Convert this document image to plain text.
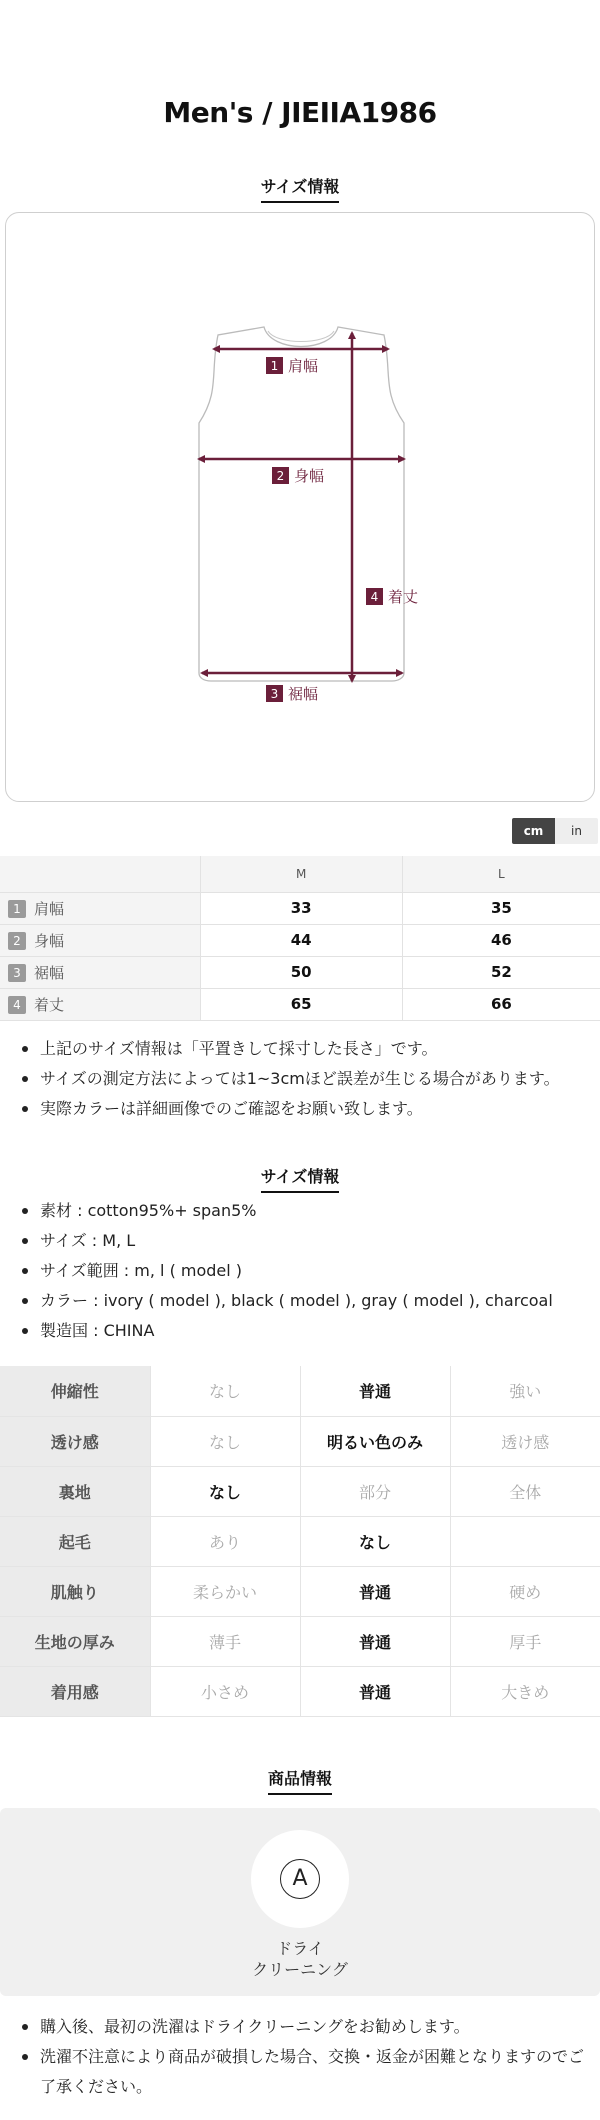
Men's / JIEIIA1986
サイズ情報
1 肩幅
2 身幅
3 裾幅
4 着丈
cm	in
	M	L
1 肩幅	33	35
2 身幅	44	46
3 裾幅	50	52
4 着丈	65	66
上記のサイズ情報は「平置きして採寸した長さ」です。
サイズの測定方法によっては1~3cmほど誤差が生じる場合があります。
実際カラーは詳細画像でのご確認をお願い致します。
サイズ情報
素材 : cotton95%+ span5%
サイズ : M, L
サイズ範囲 : m, l ( model )
カラー : ivory ( model ), black ( model ), gray ( model ), charcoal
製造国 : CHINA
伸縮性	なし	普通	強い
透け感	なし	明るい色のみ	透け感
裏地	なし	部分	全体
起毛	あり	なし	
肌触り	柔らかい	普通	硬め
生地の厚み	薄手	普通	厚手
着用感	小さめ	普通	大きめ
商品情報
A
ドライ
クリーニング
購入後、最初の洗濯はドライクリーニングをお勧めします。
洗濯不注意により商品が破損した場合、交換・返金が困難となりますのでご了承ください。
